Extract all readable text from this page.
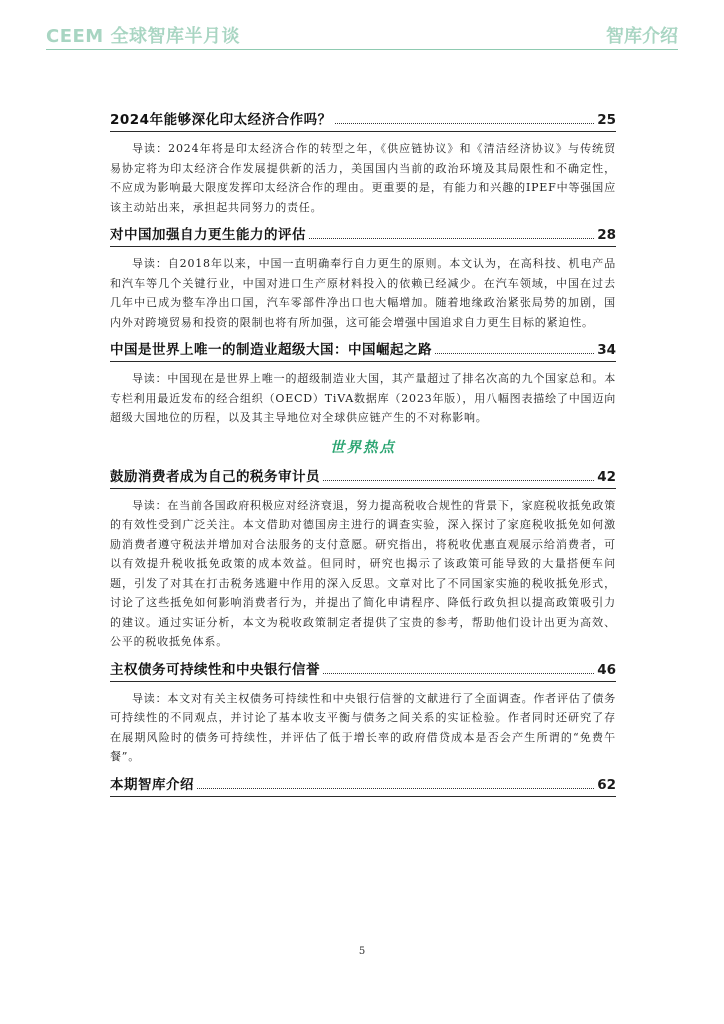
CEEM 全球智库半月谈	智库介绍
2024年能够深化印太经济合作吗？	25

导读：2024年将是印太经济合作的转型之年，《供应链协议》和《清洁经济协议》与传统贸易协定将为印太经济合作发展提供新的活力，美国国内当前的政治环境及其局限性和不确定性，不应成为影响最大限度发挥印太经济合作的理由。更重要的是，有能力和兴趣的IPEF中等强国应该主动站出来，承担起共同努力的责任。

对中国加强自力更生能力的评估	28

导读：自2018年以来，中国一直明确奉行自力更生的原则。本文认为，在高科技、机电产品和汽车等几个关键行业，中国对进口生产原材料投入的依赖已经减少。在汽车领域，中国在过去几年中已成为整车净出口国，汽车零部件净出口也大幅增加。随着地缘政治紧张局势的加剧，国内外对跨境贸易和投资的限制也将有所加强，这可能会增强中国追求自力更生目标的紧迫性。

中国是世界上唯一的制造业超级大国：中国崛起之路	34

导读：中国现在是世界上唯一的超级制造业大国，其产量超过了排名次高的九个国家总和。本专栏利用最近发布的经合组织（OECD）TiVA数据库（2023年版），用八幅图表描绘了中国迈向超级大国地位的历程，以及其主导地位对全球供应链产生的不对称影响。

世界热点
鼓励消费者成为自己的税务审计员	42

导读：在当前各国政府积极应对经济衰退，努力提高税收合规性的背景下，家庭税收抵免政策的有效性受到广泛关注。本文借助对德国房主进行的调查实验，深入探讨了家庭税收抵免如何激励消费者遵守税法并增加对合法服务的支付意愿。研究指出，将税收优惠直观展示给消费者，可以有效提升税收抵免政策的成本效益。但同时，研究也揭示了该政策可能导致的大量搭便车问题，引发了对其在打击税务逃避中作用的深入反思。文章对比了不同国家实施的税收抵免形式，讨论了这些抵免如何影响消费者行为，并提出了简化申请程序、降低行政负担以提高政策吸引力的建议。通过实证分析，本文为税收政策制定者提供了宝贵的参考，帮助他们设计出更为高效、公平的税收抵免体系。

主权债务可持续性和中央银行信誉	46

导读：本文对有关主权债务可持续性和中央银行信誉的文献进行了全面调查。作者评估了债务可持续性的不同观点，并讨论了基本收支平衡与债务之间关系的实证检验。作者同时还研究了存在展期风险时的债务可持续性，并评估了低于增长率的政府借贷成本是否会产生所谓的“免费午餐”。

本期智库介绍	62
5
